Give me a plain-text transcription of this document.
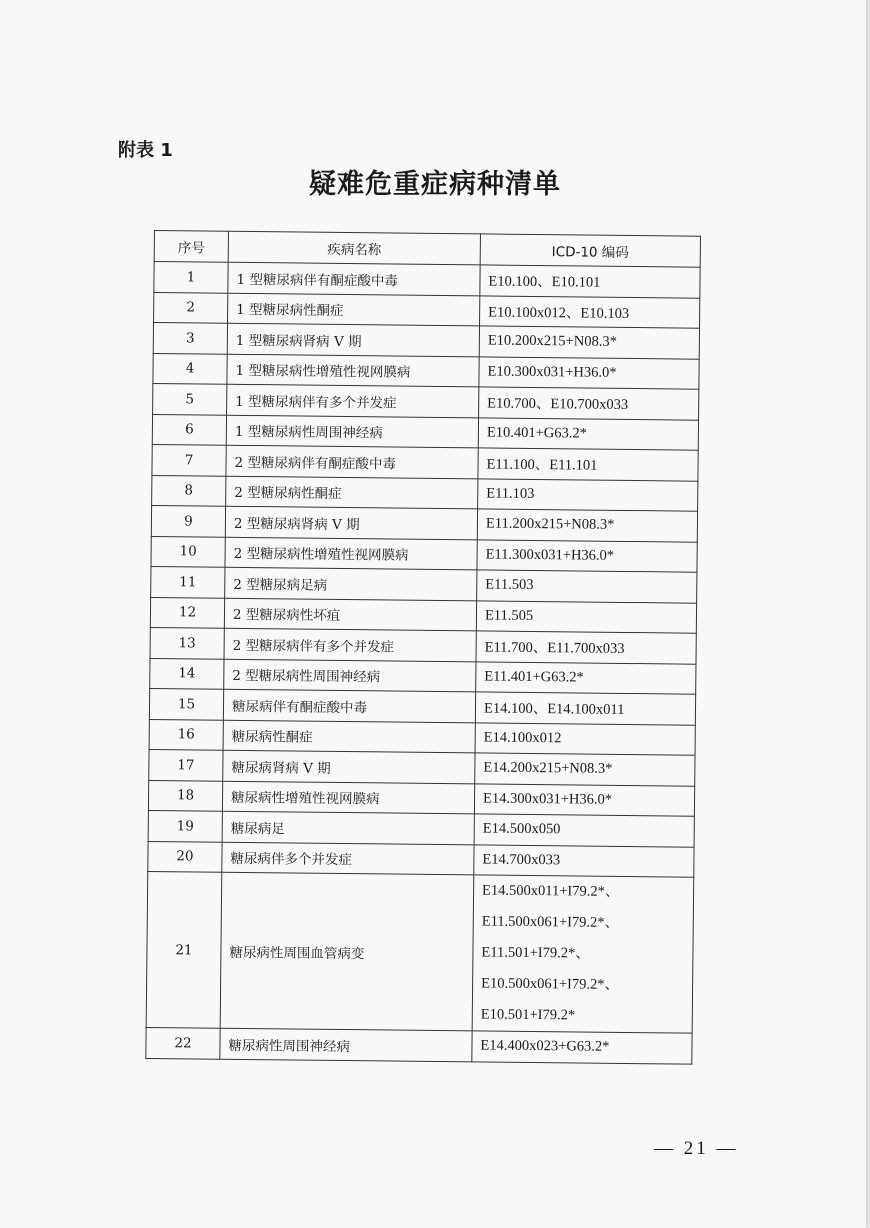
附表 1
疑难危重症病种清单
序号	疾病名称	ICD-10 编码
1	1 型糖尿病伴有酮症酸中毒	E10.100、E10.101

2	1 型糖尿病性酮症	E10.100x012、E10.103

3	1 型糖尿病肾病 V 期	E10.200x215+N08.3*

4	1 型糖尿病性增殖性视网膜病	E10.300x031+H36.0*

5	1 型糖尿病伴有多个并发症	E10.700、E10.700x033

6	1 型糖尿病性周围神经病	E10.401+G63.2*

7	2 型糖尿病伴有酮症酸中毒	E11.100、E11.101

8	2 型糖尿病性酮症	E11.103

9	2 型糖尿病肾病 V 期	E11.200x215+N08.3*

10	2 型糖尿病性增殖性视网膜病	E11.300x031+H36.0*

11	2 型糖尿病足病	E11.503

12	2 型糖尿病性坏疽	E11.505

13	2 型糖尿病伴有多个并发症	E11.700、E11.700x033

14	2 型糖尿病性周围神经病	E11.401+G63.2*

15	糖尿病伴有酮症酸中毒	E14.100、E14.100x011

16	糖尿病性酮症	E14.100x012

17	糖尿病肾病 V 期	E14.200x215+N08.3*

18	糖尿病性增殖性视网膜病	E14.300x031+H36.0*

19	糖尿病足	E14.500x050

20	糖尿病伴多个并发症	E14.700x033

21	糖尿病性周围血管病变	E14.500x011+I79.2*、
E11.500x061+I79.2*、
E11.501+I79.2*、
E10.500x061+I79.2*、
E10.501+I79.2*

22	糖尿病性周围神经病	E14.400x023+G63.2*
— 21 —
